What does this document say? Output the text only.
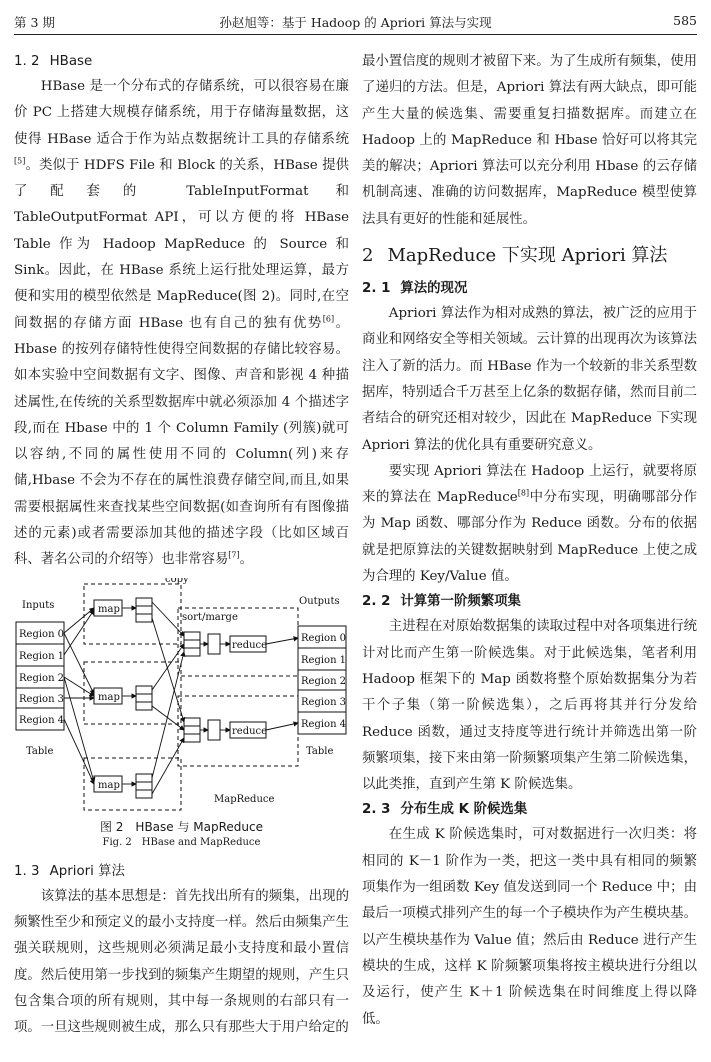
第 3 期	孙赵旭等：基于 Hadoop 的 Apriori 算法与实现	585
1. 2 HBase

HBase 是一个分布式的存储系统，可以很容易在廉价 PC 上搭建大规模存储系统，用于存储海量数据，这使得 HBase 适合于作为站点数据统计工具的存储系统[5]。类似于 HDFS File 和 Block 的关系，HBase 提供了配套的 TableInputFormat 和 TableOutputFormat API，可以方便的将 HBase Table 作为 Hadoop MapReduce 的 Source 和 Sink。因此，在 HBase 系统上运行批处理运算，最方便和实用的模型依然是 MapReduce(图 2)。同时,在空间数据的存储方面 HBase 也有自己的独有优势[6]。Hbase 的按列存储特性使得空间数据的存储比较容易。如本实验中空间数据有文字、图像、声音和影视 4 种描述属性,在传统的关系型数据库中就必须添加 4 个描述字段,而在 Hbase 中的 1 个 Column Family (列簇)就可以容纳,不同的属性使用不同的 Column(列)来存储,Hbase 不会为不存在的属性浪费存储空间,而且,如果需要根据属性来查找某些空间数据(如查询所有有图像描述的元素)或者需要添加其他的描述字段（比如区域百科、著名公司的介绍等）也非常容易[7]。

copy
Inputs	Outputs
sort/marge
Region 0
Region 1
Region 2
Region 3
Region 4
Table
Region 0
Region 1
Region 2
Region 3
Region 4
Table
map
map
map
reduce
reduce
MapReduce
图 2　HBase 与 MapReduce
Fig. 2　HBase and MapReduce
1. 3 Apriori 算法

该算法的基本思想是：首先找出所有的频集，出现的频繁性至少和预定义的最小支持度一样。然后由频集产生强关联规则，这些规则必须满足最小支持度和最小置信度。然后使用第一步找到的频集产生期望的规则，产生只包含集合项的所有规则，其中每一条规则的右部只有一项。一旦这些规则被生成，那么只有那些大于用户给定的

最小置信度的规则才被留下来。为了生成所有频集，使用了递归的方法。但是，Apriori 算法有两大缺点，即可能产生大量的候选集、需要重复扫描数据库。而建立在 Hadoop 上的 MapReduce 和 Hbase 恰好可以将其完美的解决；Apriori 算法可以充分利用 Hbase 的云存储机制高速、准确的访问数据库，MapReduce 模型使算法具有更好的性能和延展性。

2 MapReduce 下实现 Apriori 算法
2. 1 算法的现况

Apriori 算法作为相对成熟的算法，被广泛的应用于商业和网络安全等相关领域。云计算的出现再次为该算法注入了新的活力。而 HBase 作为一个较新的非关系型数据库，特别适合千万甚至上亿条的数据存储，然而目前二者结合的研究还相对较少，因此在 MapReduce 下实现 Apriori 算法的优化具有重要研究意义。

要实现 Apriori 算法在 Hadoop 上运行，就要将原来的算法在 MapReduce[8]中分布实现，明确哪部分作为 Map 函数、哪部分作为 Reduce 函数。分布的依据就是把原算法的关键数据映射到 MapReduce 上使之成为合理的 Key/Value 值。

2. 2 计算第一阶频繁项集

主进程在对原始数据集的读取过程中对各项集进行统计对比而产生第一阶候选集。对于此候选集，笔者利用 Hadoop 框架下的 Map 函数将整个原始数据集分为若干个子集（第一阶候选集），之后再将其并行分发给 Reduce 函数，通过支持度等进行统计并筛选出第一阶频繁项集，接下来由第一阶频繁项集产生第二阶候选集，以此类推，直到产生第 K 阶候选集。

2. 3 分布生成 K 阶候选集

在生成 K 阶候选集时，可对数据进行一次归类：将相同的 K－1 阶作为一类，把这一类中具有相同的频繁项集作为一组函数 Key 值发送到同一个 Reduce 中；由最后一项模式排列产生的每一个子模块作为产生模块基。以产生模块基作为 Value 值；然后由 Reduce 进行产生模块的生成，这样 K 阶频繁项集将按主模块进行分组以及运行，使产生 K＋1 阶候选集在时间维度上得以降低。
